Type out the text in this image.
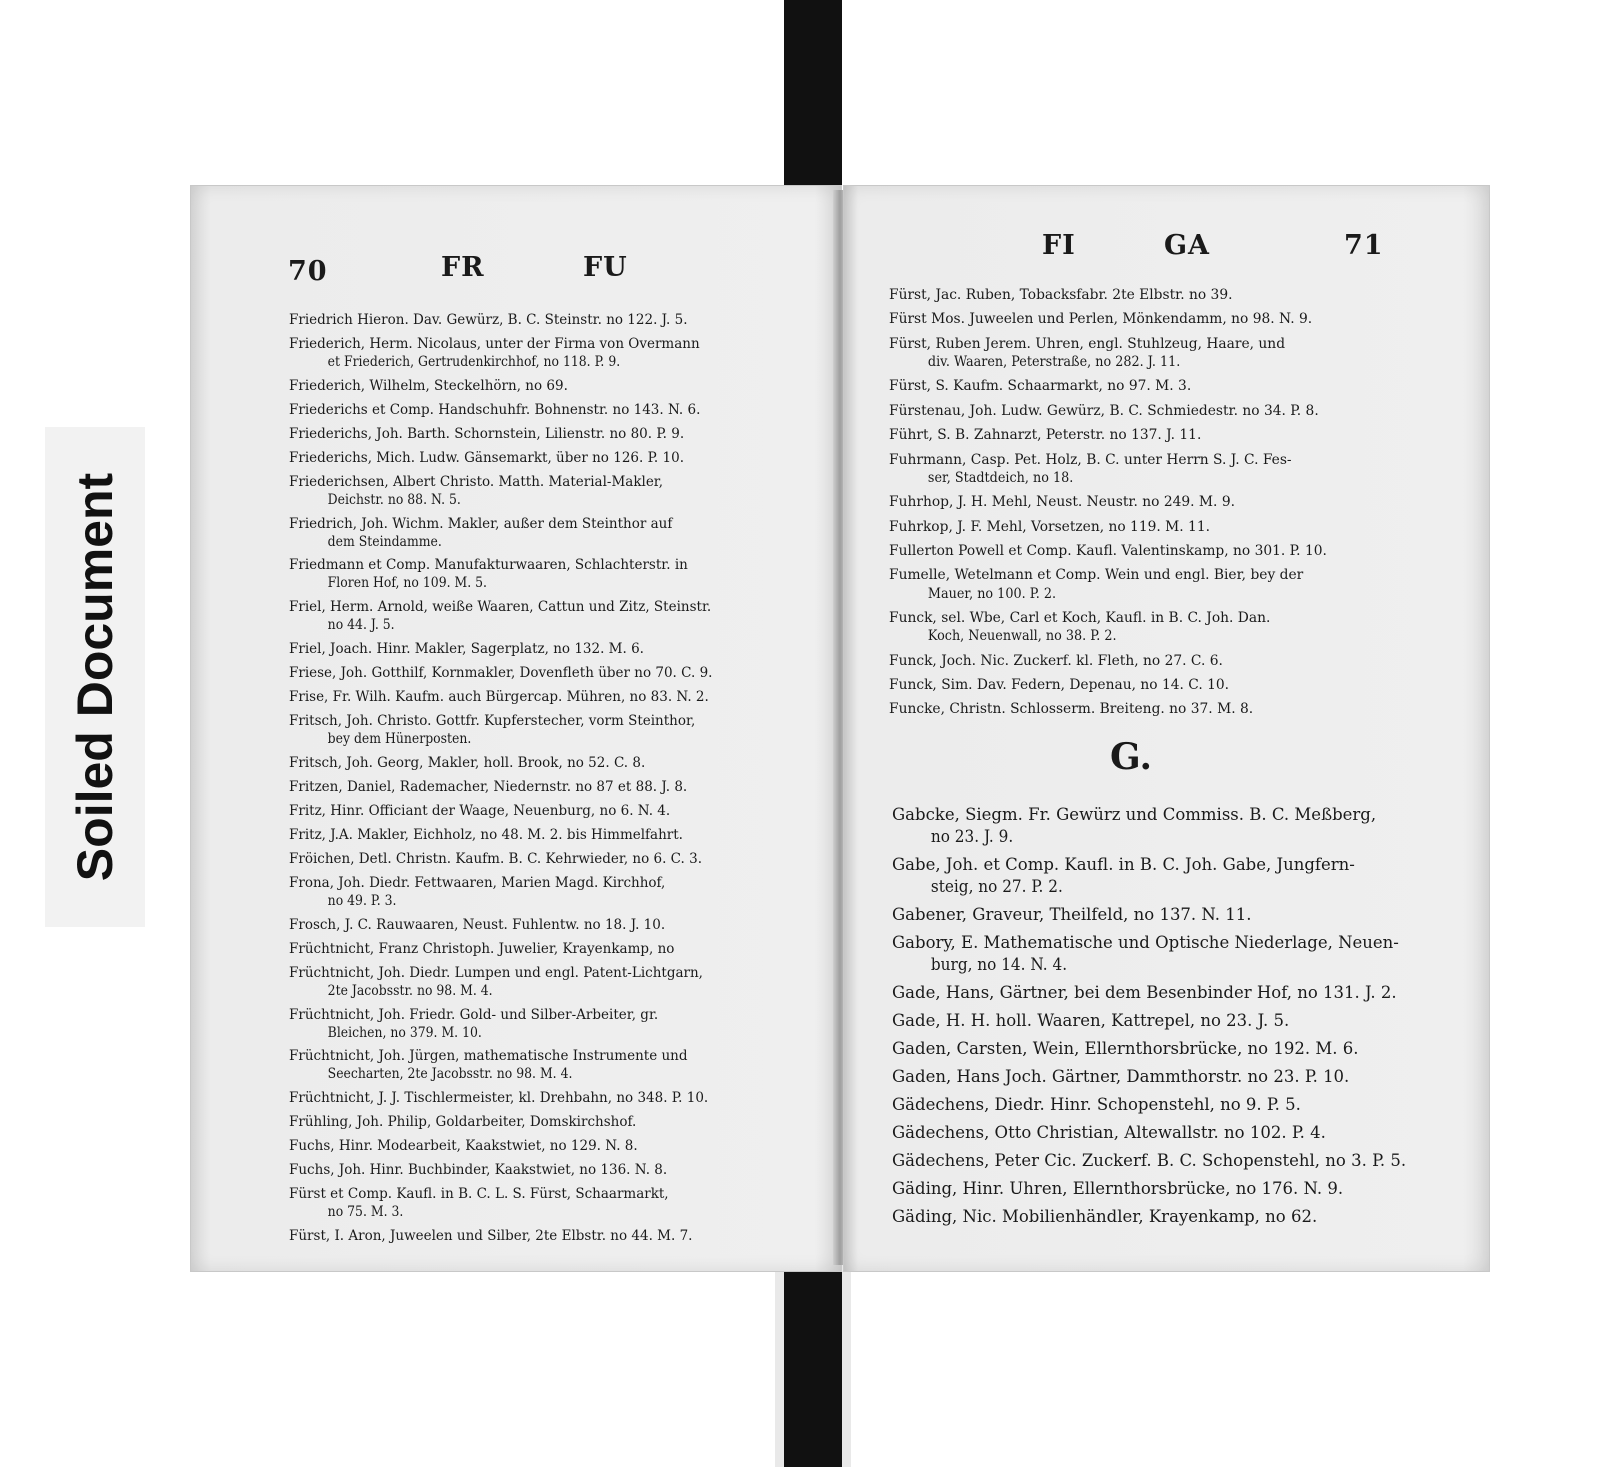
Soiled Document
70	FR	FU
Friedrich Hieron. Dav. Gewürz, B. C. Steinstr. no 122. J. 5.
Friederich, Herm. Nicolaus, unter der Firma von Overmann
et Friederich, Gertrudenkirchhof, no 118. P. 9.
Friederich, Wilhelm, Steckelhörn, no 69.
Friederichs et Comp. Handschuhfr. Bohnenstr. no 143. N. 6.
Friederichs, Joh. Barth. Schornstein, Lilienstr. no 80. P. 9.
Friederichs, Mich. Ludw. Gänsemarkt, über no 126. P. 10.
Friederichsen, Albert Christo. Matth. Material-Makler,
Deichstr. no 88. N. 5.
Friedrich, Joh. Wichm. Makler, außer dem Steinthor auf
dem Steindamme.
Friedmann et Comp. Manufakturwaaren, Schlachterstr. in
Floren Hof, no 109. M. 5.
Friel, Herm. Arnold, weiße Waaren, Cattun und Zitz, Steinstr.
no 44. J. 5.
Friel, Joach. Hinr. Makler, Sagerplatz, no 132. M. 6.
Friese, Joh. Gotthilf, Kornmakler, Dovenfleth über no 70. C. 9.
Frise, Fr. Wilh. Kaufm. auch Bürgercap. Mühren, no 83. N. 2.
Fritsch, Joh. Christo. Gottfr. Kupferstecher, vorm Steinthor,
bey dem Hünerposten.
Fritsch, Joh. Georg, Makler, holl. Brook, no 52. C. 8.
Fritzen, Daniel, Rademacher, Niedernstr. no 87 et 88. J. 8.
Fritz, Hinr. Officiant der Waage, Neuenburg, no 6. N. 4.
Fritz, J.A. Makler, Eichholz, no 48. M. 2. bis Himmelfahrt.
Fröichen, Detl. Christn. Kaufm. B. C. Kehrwieder, no 6. C. 3.
Frona, Joh. Diedr. Fettwaaren, Marien Magd. Kirchhof,
no 49. P. 3.
Frosch, J. C. Rauwaaren, Neust. Fuhlentw. no 18. J. 10.
Früchtnicht, Franz Christoph. Juwelier, Krayenkamp, no
Früchtnicht, Joh. Diedr. Lumpen und engl. Patent-Lichtgarn,
2te Jacobsstr. no 98. M. 4.
Früchtnicht, Joh. Friedr. Gold- und Silber-Arbeiter, gr.
Bleichen, no 379. M. 10.
Früchtnicht, Joh. Jürgen, mathematische Instrumente und
Seecharten, 2te Jacobsstr. no 98. M. 4.
Früchtnicht, J. J. Tischlermeister, kl. Drehbahn, no 348. P. 10.
Frühling, Joh. Philip, Goldarbeiter, Domskirchshof.
Fuchs, Hinr. Modearbeit, Kaakstwiet, no 129. N. 8.
Fuchs, Joh. Hinr. Buchbinder, Kaakstwiet, no 136. N. 8.
Fürst et Comp. Kaufl. in B. C. L. S. Fürst, Schaarmarkt,
no 75. M. 3.
Fürst, I. Aron, Juweelen und Silber, 2te Elbstr. no 44. M. 7.
FI	GA	71
Fürst, Jac. Ruben, Tobacksfabr. 2te Elbstr. no 39.
Fürst Mos. Juweelen und Perlen, Mönkendamm, no 98. N. 9.
Fürst, Ruben Jerem. Uhren, engl. Stuhlzeug, Haare, und
div. Waaren, Peterstraße, no 282. J. 11.
Fürst, S. Kaufm. Schaarmarkt, no 97. M. 3.
Fürstenau, Joh. Ludw. Gewürz, B. C. Schmiedestr. no 34. P. 8.
Führt, S. B. Zahnarzt, Peterstr. no 137. J. 11.
Fuhrmann, Casp. Pet. Holz, B. C. unter Herrn S. J. C. Fes-
ser, Stadtdeich, no 18.
Fuhrhop, J. H. Mehl, Neust. Neustr. no 249. M. 9.
Fuhrkop, J. F. Mehl, Vorsetzen, no 119. M. 11.
Fullerton Powell et Comp. Kaufl. Valentinskamp, no 301. P. 10.
Fumelle, Wetelmann et Comp. Wein und engl. Bier, bey der
Mauer, no 100. P. 2.
Funck, sel. Wbe, Carl et Koch, Kaufl. in B. C. Joh. Dan.
Koch, Neuenwall, no 38. P. 2.
Funck, Joch. Nic. Zuckerf. kl. Fleth, no 27. C. 6.
Funck, Sim. Dav. Federn, Depenau, no 14. C. 10.
Funcke, Christn. Schlosserm. Breiteng. no 37. M. 8.
G.
Gabcke, Siegm. Fr. Gewürz und Commiss. B. C. Meßberg,
no 23. J. 9.
Gabe, Joh. et Comp. Kaufl. in B. C. Joh. Gabe, Jungfern-
steig, no 27. P. 2.
Gabener, Graveur, Theilfeld, no 137. N. 11.
Gabory, E. Mathematische und Optische Niederlage, Neuen-
burg, no 14. N. 4.
Gade, Hans, Gärtner, bei dem Besenbinder Hof, no 131. J. 2.
Gade, H. H. holl. Waaren, Kattrepel, no 23. J. 5.
Gaden, Carsten, Wein, Ellernthorsbrücke, no 192. M. 6.
Gaden, Hans Joch. Gärtner, Dammthorstr. no 23. P. 10.
Gädechens, Diedr. Hinr. Schopenstehl, no 9. P. 5.
Gädechens, Otto Christian, Altewallstr. no 102. P. 4.
Gädechens, Peter Cic. Zuckerf. B. C. Schopenstehl, no 3. P. 5.
Gäding, Hinr. Uhren, Ellernthorsbrücke, no 176. N. 9.
Gäding, Nic. Mobilienhändler, Krayenkamp, no 62.
